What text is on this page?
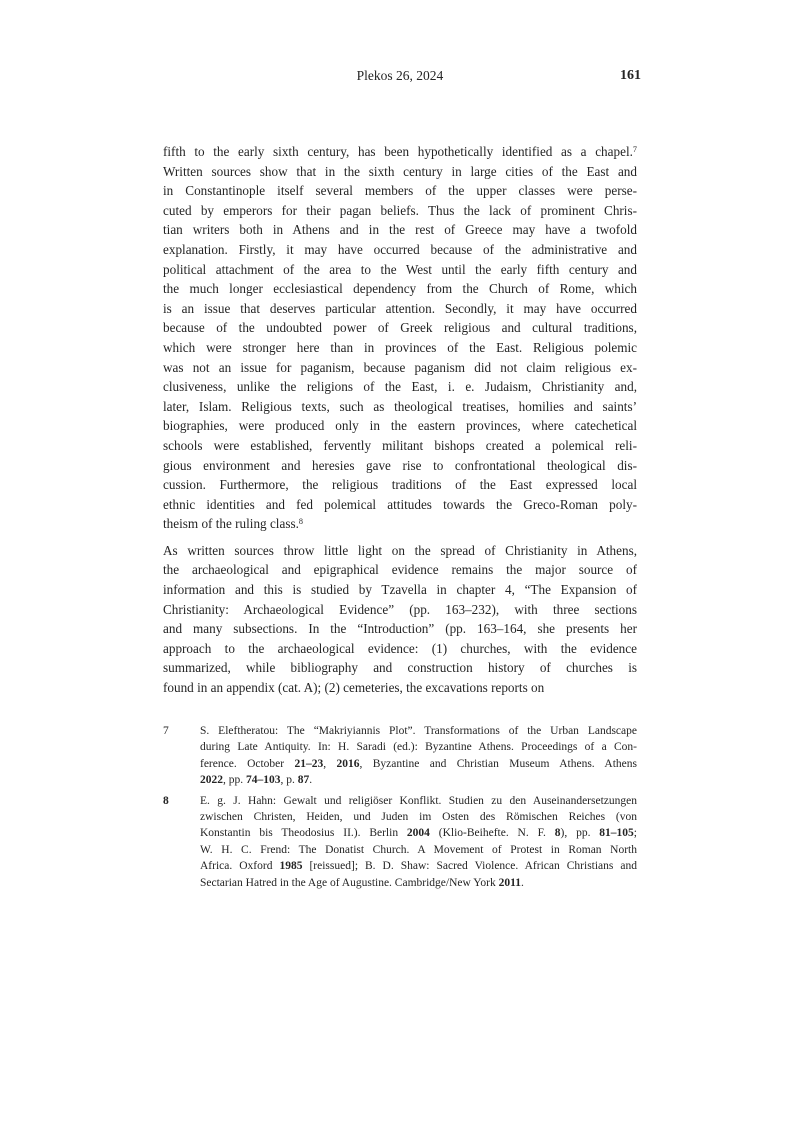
Plekos 26, 2024	161
fifth to the early sixth century, has been hypothetically identified as a chapel.$^7$
Written sources show that in the sixth century in large cities of the East and
in Constantinople itself several members of the upper classes were perse-
cuted by emperors for their pagan beliefs. Thus the lack of prominent Chris-
tian writers both in Athens and in the rest of Greece may have a twofold
explanation. Firstly, it may have occurred because of the administrative and
political attachment of the area to the West until the early fifth century and
the much longer ecclesiastical dependency from the Church of Rome, which
is an issue that deserves particular attention. Secondly, it may have occurred
because of the undoubted power of Greek religious and cultural traditions,
which were stronger here than in provinces of the East. Religious polemic
was not an issue for paganism, because paganism did not claim religious ex-
clusiveness, unlike the religions of the East, i. e. Judaism, Christianity and,
later, Islam. Religious texts, such as theological treatises, homilies and saints’
biographies, were produced only in the eastern provinces, where catechetical
schools were established, fervently militant bishops created a polemical reli-
gious environment and heresies gave rise to confrontational theological dis-
cussion. Furthermore, the religious traditions of the East expressed local
ethnic identities and fed polemical attitudes towards the Greco-Roman poly-
theism of the ruling class.$^8$
As written sources throw little light on the spread of Christianity in Athens,
the archaeological and epigraphical evidence remains the major source of
information and this is studied by Tzavella in chapter 4, “The Expansion of
Christianity: Archaeological Evidence” (pp. 163–232), with three sections
and many subsections. In the “Introduction” (pp. 163–164, she presents her
approach to the archaeological evidence: (1) churches, with the evidence
summarized, while bibliography and construction history of churches is
found in an appendix (cat. A); (2) cemeteries, the excavations reports on
7	S. Eleftheratou: The “Makriyiannis Plot”. Transformations of the Urban Landscape
during Late Antiquity. In: H. Saradi (ed.): Byzantine Athens. Proceedings of a Con-
ference. October 21–23, 2016, Byzantine and Christian Museum Athens. Athens
2022, pp. 74–103, p. 87.
8	E. g. J. Hahn: Gewalt und religiöser Konflikt. Studien zu den Auseinandersetzungen
zwischen Christen, Heiden, und Juden im Osten des Römischen Reiches (von
Konstantin bis Theodosius II.). Berlin 2004 (Klio-Beihefte. N. F. 8), pp. 81–105;
W. H. C. Frend: The Donatist Church. A Movement of Protest in Roman North
Africa. Oxford 1985 [reissued]; B. D. Shaw: Sacred Violence. African Christians and
Sectarian Hatred in the Age of Augustine. Cambridge/New York 2011.
